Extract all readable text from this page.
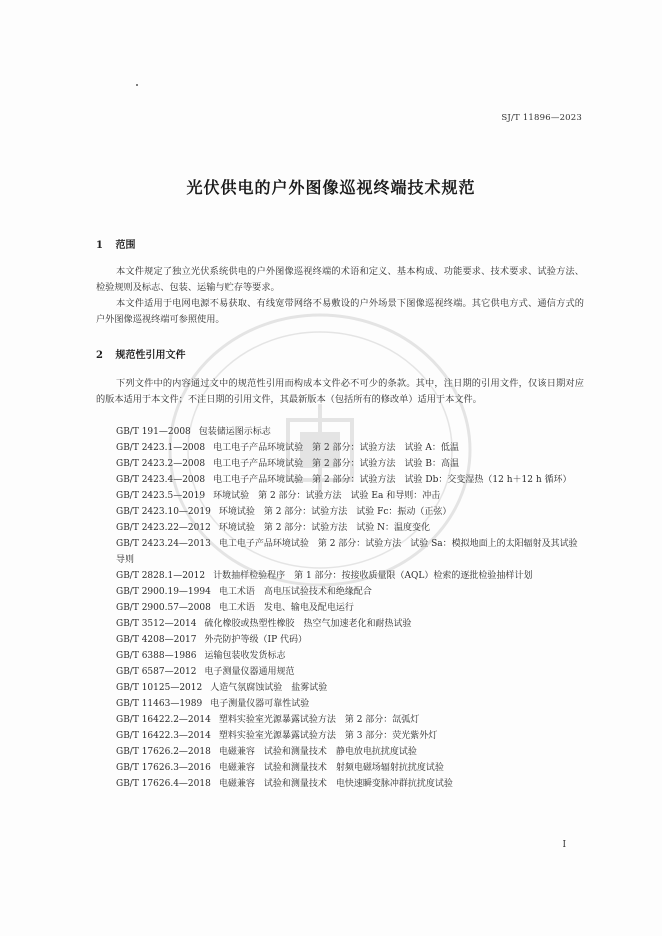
SJ/T 11896—2023
光伏供电的户外图像巡视终端技术规范
1 范围
本文件规定了独立光伏系统供电的户外图像巡视终端的术语和定义、基本构成、功能要求、技术要求、试验方法、检验规则及标志、包装、运输与贮存等要求。
本文件适用于电网电源不易获取、有线宽带网络不易敷设的户外场景下图像巡视终端。其它供电方式、通信方式的户外图像巡视终端可参照使用。
2 规范性引用文件
下列文件中的内容通过文中的规范性引用而构成本文件必不可少的条款。其中，注日期的引用文件，仅该日期对应的版本适用于本文件；不注日期的引用文件，其最新版本（包括所有的修改单）适用于本文件。
GB/T 191—2008 包装储运图示标志
GB/T 2423.1—2008 电工电子产品环境试验　第 2 部分：试验方法　试验 A：低温
GB/T 2423.2—2008 电工电子产品环境试验　第 2 部分：试验方法　试验 B：高温
GB/T 2423.4—2008 电工电子产品环境试验　第 2 部分：试验方法　试验 Db：交变湿热（12 h＋12 h 循环）
GB/T 2423.5—2019 环境试验　第 2 部分：试验方法　试验 Ea 和导则：冲击
GB/T 2423.10—2019 环境试验　第 2 部分：试验方法　试验 Fc：振动（正弦）
GB/T 2423.22—2012 环境试验　第 2 部分：试验方法　试验 N：温度变化
GB/T 2423.24—2013 电工电子产品环境试验　第 2 部分：试验方法　试验 Sa：模拟地面上的太阳辐射及其试验导则
GB/T 2828.1—2012 计数抽样检验程序　第 1 部分：按接收质量限（AQL）检索的逐批检验抽样计划
GB/T 2900.19—1994 电工术语　高电压试验技术和绝缘配合
GB/T 2900.57—2008 电工术语　发电、输电及配电运行
GB/T 3512—2014 硫化橡胶或热塑性橡胶　热空气加速老化和耐热试验
GB/T 4208—2017 外壳防护等级（IP 代码）
GB/T 6388—1986 运输包装收发货标志
GB/T 6587—2012 电子测量仪器通用规范
GB/T 10125—2012 人造气氛腐蚀试验　盐雾试验
GB/T 11463—1989 电子测量仪器可靠性试验
GB/T 16422.2—2014 塑料实验室光源暴露试验方法　第 2 部分：氙弧灯
GB/T 16422.3—2014 塑料实验室光源暴露试验方法　第 3 部分：荧光紫外灯
GB/T 17626.2—2018 电磁兼容　试验和测量技术　静电放电抗扰度试验
GB/T 17626.3—2016 电磁兼容　试验和测量技术　射频电磁场辐射抗扰度试验
GB/T 17626.4—2018 电磁兼容　试验和测量技术　电快速瞬变脉冲群抗扰度试验
I
